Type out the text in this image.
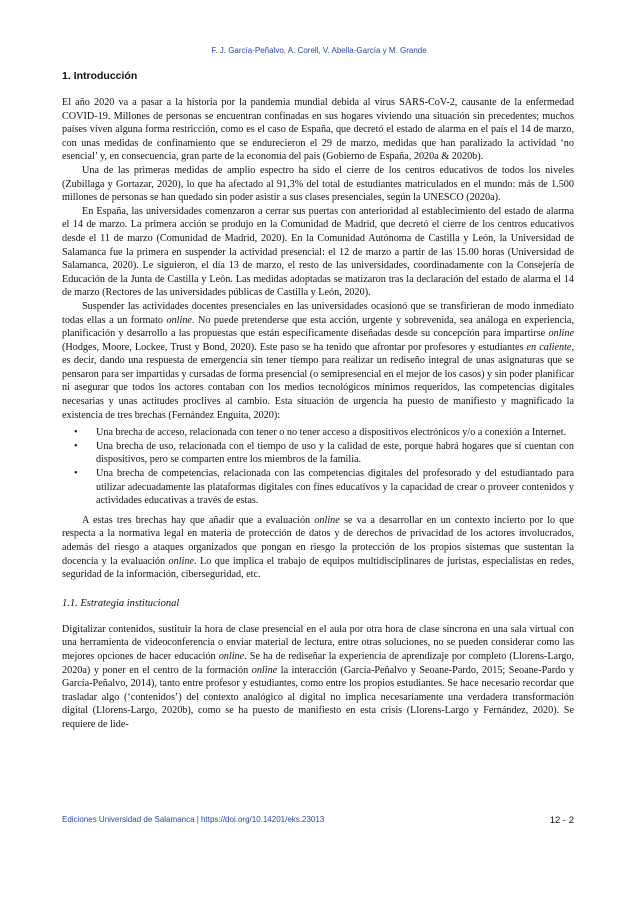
F. J. García-Peñalvo, A. Corell, V. Abella-García y M. Grande
1. Introducción

El año 2020 va a pasar a la historia por la pandemia mundial debida al virus SARS-CoV-2, causante de la enfermedad COVID-19. Millones de personas se encuentran confinadas en sus hogares viviendo una situación sin precedentes; muchos países viven alguna forma restricción, como es el caso de España, que decretó el estado de alarma en el país el 14 de marzo, con unas medidas de confinamiento que se endurecieron el 29 de marzo, medidas que han paralizado la actividad ‘no esencial’ y, en consecuencia, gran parte de la economía del país (Gobierno de España, 2020a & 2020b).

Una de las primeras medidas de amplio espectro ha sido el cierre de los centros educativos de todos los niveles (Zubillaga y Gortazar, 2020), lo que ha afectado al 91,3% del total de estudiantes matriculados en el mundo: más de 1.500 millones de personas se han quedado sin poder asistir a sus clases presenciales, según la UNESCO (2020a).

En España, las universidades comenzaron a cerrar sus puertas con anterioridad al establecimiento del estado de alarma el 14 de marzo. La primera acción se produjo en la Comunidad de Madrid, que decretó el cierre de los centros educativos desde el 11 de marzo (Comunidad de Madrid, 2020). En la Comunidad Autónoma de Castilla y León, la Universidad de Salamanca fue la primera en suspender la actividad presencial: el 12 de marzo a partir de las 15.00 horas (Universidad de Salamanca, 2020). Le siguieron, el día 13 de marzo, el resto de las universidades, coordinadamente con la Consejería de Educación de la Junta de Castilla y León. Las medidas adoptadas se matizaron tras la declaración del estado de alarma el 14 de marzo (Rectores de las universidades públicas de Castilla y León, 2020).

Suspender las actividades docentes presenciales en las universidades ocasionó que se transfirieran de modo inmediato todas ellas a un formato online. No puede pretenderse que esta acción, urgente y sobrevenida, sea análoga en experiencia, planificación y desarrollo a las propuestas que están específicamente diseñadas desde su concepción para impartirse online (Hodges, Moore, Lockee, Trust y Bond, 2020). Este paso se ha tenido que afrontar por profesores y estudiantes en caliente, es decir, dando una respuesta de emergencia sin tener tiempo para realizar un rediseño integral de unas asignaturas que se pensaron para ser impartidas y cursadas de forma presencial (o semipresencial en el mejor de los casos) y sin poder planificar ni asegurar que todos los actores contaban con los medios tecnológicos mínimos requeridos, las competencias digitales necesarias y unas actitudes proclives al cambio. Esta situación de urgencia ha puesto de manifiesto y magnificado la existencia de tres brechas (Fernández Enguita, 2020):

• Una brecha de acceso, relacionada con tener o no tener acceso a dispositivos electrónicos y/o a conexión a Internet.
• Una brecha de uso, relacionada con el tiempo de uso y la calidad de este, porque habrá hogares que sí cuentan con dispositivos, pero se comparten entre los miembros de la familia.
• Una brecha de competencias, relacionada con las competencias digitales del profesorado y del estudiantado para utilizar adecuadamente las plataformas digitales con fines educativos y la capacidad de crear o proveer contenidos y actividades educativas a través de estas.

A estas tres brechas hay que añadir que a evaluación online se va a desarrollar en un contexto incierto por lo que respecta a la normativa legal en materia de protección de datos y de derechos de privacidad de los actores involucrados, además del riesgo a ataques organizados que pongan en riesgo la protección de los propios sistemas que sustentan la docencia y la evaluación online. Lo que implica el trabajo de equipos multidisciplinares de juristas, especialistas en redes, seguridad de la información, ciberseguridad, etc.

1.1. Estrategia institucional

Digitalizar contenidos, sustituir la hora de clase presencial en el aula por otra hora de clase síncrona en una sala virtual con una herramienta de videoconferencia o enviar material de lectura, entre otras soluciones, no se pueden considerar como las mejores opciones de hacer educación online. Se ha de rediseñar la experiencia de aprendizaje por completo (Llorens-Largo, 2020a) y poner en el centro de la formación online la interacción (García-Peñalvo y Seoane-Pardo, 2015; Seoane-Pardo y García-Peñalvo, 2014), tanto entre profesor y estudiantes, como entre los propios estudiantes. Se hace necesario recordar que trasladar algo (‘contenidos’) del contexto analógico al digital no implica necesariamente una verdadera transformación digital (Llorens-Largo, 2020b), como se ha puesto de manifiesto en esta crisis (Llorens-Largo y Fernández, 2020). Se requiere de lide-

Ediciones Universidad de Salamanca | https://doi.org/10.14201/eks.23013	12 - 2
